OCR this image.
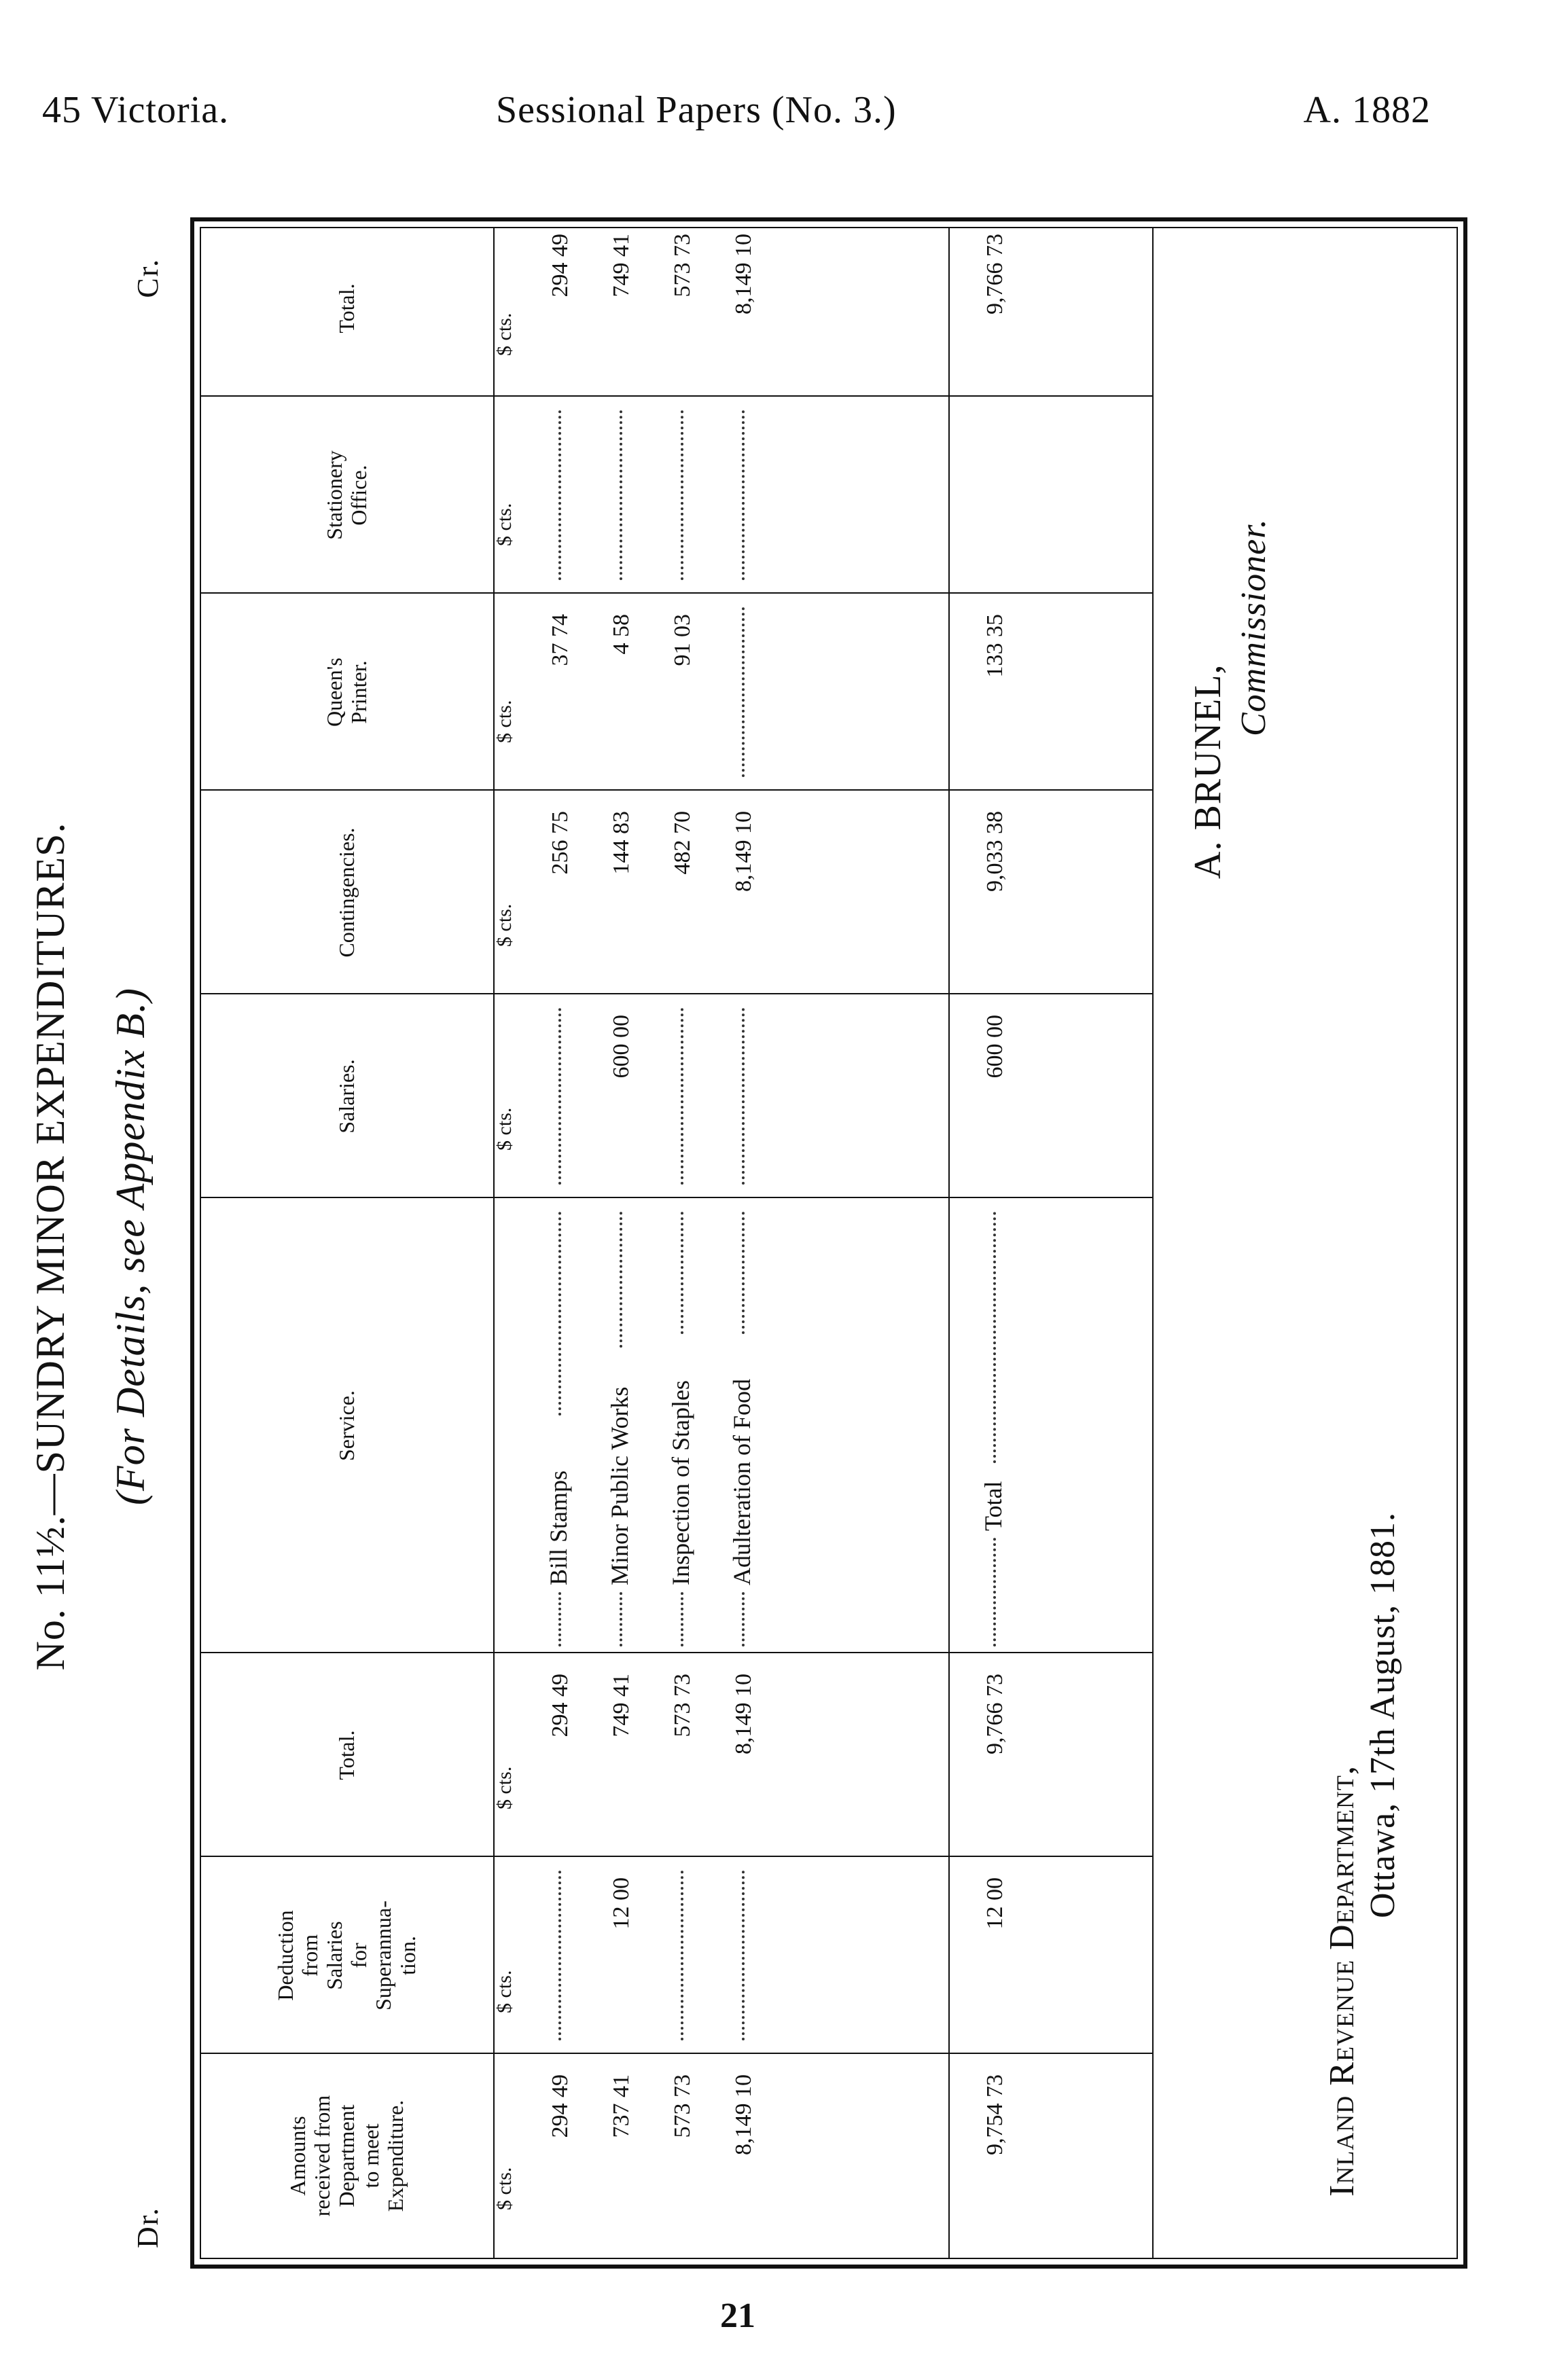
45 Victoria.	Sessional Papers (No. 3.)	A. 1882
No. 11½.—SUNDRY MINOR EXPENDITURES. (For Details, see Appendix B.)
Dr.
Cr.
Amounts
received from
Department
to meet
Expenditure.
Deduction
from
Salaries
for
Superannua-
tion.
Total.
Service.
Salaries.
Contingencies.
Queen's
Printer.
Stationery
Office.
Total.
$ cts.
$ cts.
$ cts.
$ cts.
$ cts.
$ cts.
$ cts.
$ cts.
294 49
294 49
Bill Stamps
256 75
37 74
294 49
737 41
12 00
749 41
Minor Public Works
600 00
144 83
4 58
749 41
573 73
573 73
Inspection of Staples
482 70
91 03
573 73
8,149 10
8,149 10
Adulteration of Food
8,149 10
8,149 10
9,754 73
12 00
9,766 73
Total
600 00
9,033 38
133 35
9,766 73
A. BRUNEL,
Commissioner.
Inland Revenue Department,
Ottawa, 17th August, 1881.
21
